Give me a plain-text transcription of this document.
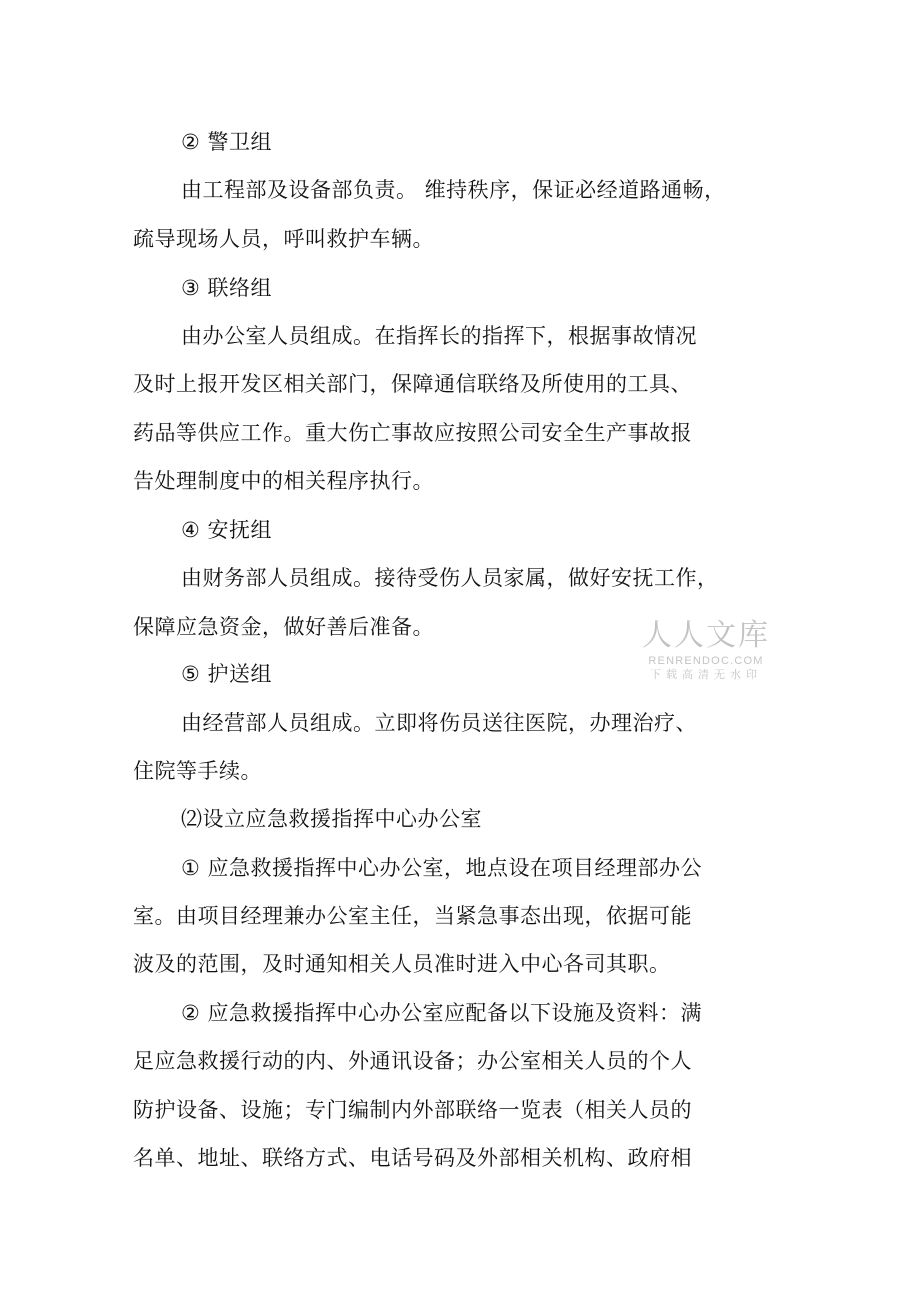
② 警卫组
由工程部及设备部负责。 维持秩序，保证必经道路通畅，
疏导现场人员，呼叫救护车辆。
③ 联络组
由办公室人员组成。在指挥长的指挥下，根据事故情况
及时上报开发区相关部门，保障通信联络及所使用的工具、
药品等供应工作。重大伤亡事故应按照公司安全生产事故报
告处理制度中的相关程序执行。
④ 安抚组
由财务部人员组成。接待受伤人员家属，做好安抚工作，
保障应急资金，做好善后准备。
⑤ 护送组
由经营部人员组成。立即将伤员送往医院，办理治疗、
住院等手续。
⑵设立应急救援指挥中心办公室
① 应急救援指挥中心办公室，地点设在项目经理部办公
室。由项目经理兼办公室主任，当紧急事态出现，依据可能
波及的范围，及时通知相关人员准时进入中心各司其职。
② 应急救援指挥中心办公室应配备以下设施及资料：满
足应急救援行动的内、外通讯设备；办公室相关人员的个人
防护设备、设施；专门编制内外部联络一览表（相关人员的
名单、地址、联络方式、电话号码及外部相关机构、政府相
人人文库
RENRENDOC.COM
下载高清无水印
